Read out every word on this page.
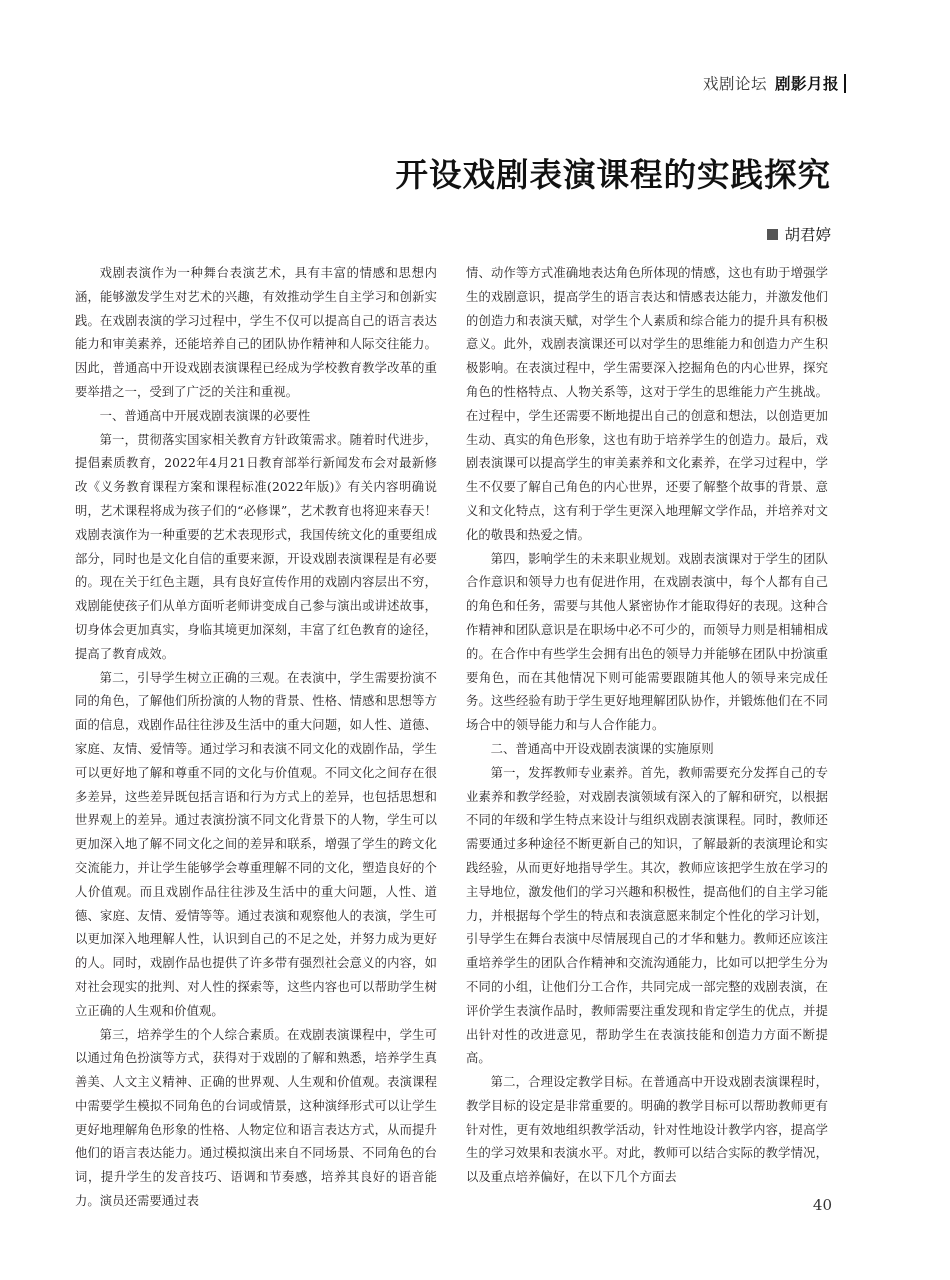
戏剧论坛 剧影月报
开设戏剧表演课程的实践探究
胡君婷

戏剧表演作为一种舞台表演艺术，具有丰富的情感和思想内涵，能够激发学生对艺术的兴趣，有效推动学生自主学习和创新实践。在戏剧表演的学习过程中，学生不仅可以提高自己的语言表达能力和审美素养，还能培养自己的团队协作精神和人际交往能力。因此，普通高中开设戏剧表演课程已经成为学校教育教学改革的重要举措之一，受到了广泛的关注和重视。

一、普通高中开展戏剧表演课的必要性

第一，贯彻落实国家相关教育方针政策需求。随着时代进步，提倡素质教育，2022年4月21日教育部举行新闻发布会对最新修改《义务教育课程方案和课程标准(2022年版)》有关内容明确说明，艺术课程将成为孩子们的“必修课”，艺术教育也将迎来春天！戏剧表演作为一种重要的艺术表现形式，我国传统文化的重要组成部分，同时也是文化自信的重要来源，开设戏剧表演课程是有必要的。现在关于红色主题，具有良好宣传作用的戏剧内容层出不穷，戏剧能使孩子们从单方面听老师讲变成自己参与演出或讲述故事，切身体会更加真实，身临其境更加深刻，丰富了红色教育的途径，提高了教育成效。

第二，引导学生树立正确的三观。在表演中，学生需要扮演不同的角色，了解他们所扮演的人物的背景、性格、情感和思想等方面的信息，戏剧作品往往涉及生活中的重大问题，如人性、道德、家庭、友情、爱情等。通过学习和表演不同文化的戏剧作品，学生可以更好地了解和尊重不同的文化与价值观。不同文化之间存在很多差异，这些差异既包括言语和行为方式上的差异，也包括思想和世界观上的差异。通过表演扮演不同文化背景下的人物，学生可以更加深入地了解不同文化之间的差异和联系，增强了学生的跨文化交流能力，并让学生能够学会尊重理解不同的文化，塑造良好的个人价值观。而且戏剧作品往往涉及生活中的重大问题，人性、道德、家庭、友情、爱情等等。通过表演和观察他人的表演，学生可以更加深入地理解人性，认识到自己的不足之处，并努力成为更好的人。同时，戏剧作品也提供了许多带有强烈社会意义的内容，如对社会现实的批判、对人性的探索等，这些内容也可以帮助学生树立正确的人生观和价值观。

第三，培养学生的个人综合素质。在戏剧表演课程中，学生可以通过角色扮演等方式，获得对于戏剧的了解和熟悉，培养学生真善美、人文主义精神、正确的世界观、人生观和价值观。表演课程中需要学生模拟不同角色的台词或情景，这种演绎形式可以让学生更好地理解角色形象的性格、人物定位和语言表达方式，从而提升他们的语言表达能力。通过模拟演出来自不同场景、不同角色的台词，提升学生的发音技巧、语调和节奏感，培养其良好的语音能力。演员还需要通过表

情、动作等方式准确地表达角色所体现的情感，这也有助于增强学生的戏剧意识，提高学生的语言表达和情感表达能力，并激发他们的创造力和表演天赋，对学生个人素质和综合能力的提升具有积极意义。此外，戏剧表演课还可以对学生的思维能力和创造力产生积极影响。在表演过程中，学生需要深入挖掘角色的内心世界，探究角色的性格特点、人物关系等，这对于学生的思维能力产生挑战。在过程中，学生还需要不断地提出自己的创意和想法，以创造更加生动、真实的角色形象，这也有助于培养学生的创造力。最后，戏剧表演课可以提高学生的审美素养和文化素养，在学习过程中，学生不仅要了解自己角色的内心世界，还要了解整个故事的背景、意义和文化特点，这有利于学生更深入地理解文学作品，并培养对文化的敬畏和热爱之情。

第四，影响学生的未来职业规划。戏剧表演课对于学生的团队合作意识和领导力也有促进作用，在戏剧表演中，每个人都有自己的角色和任务，需要与其他人紧密协作才能取得好的表现。这种合作精神和团队意识是在职场中必不可少的，而领导力则是相辅相成的。在合作中有些学生会拥有出色的领导力并能够在团队中扮演重要角色，而在其他情况下则可能需要跟随其他人的领导来完成任务。这些经验有助于学生更好地理解团队协作，并锻炼他们在不同场合中的领导能力和与人合作能力。

二、普通高中开设戏剧表演课的实施原则

第一，发挥教师专业素养。首先，教师需要充分发挥自己的专业素养和教学经验，对戏剧表演领域有深入的了解和研究，以根据不同的年级和学生特点来设计与组织戏剧表演课程。同时，教师还需要通过多种途径不断更新自己的知识，了解最新的表演理论和实践经验，从而更好地指导学生。其次，教师应该把学生放在学习的主导地位，激发他们的学习兴趣和积极性，提高他们的自主学习能力，并根据每个学生的特点和表演意愿来制定个性化的学习计划，引导学生在舞台表演中尽情展现自己的才华和魅力。教师还应该注重培养学生的团队合作精神和交流沟通能力，比如可以把学生分为不同的小组，让他们分工合作，共同完成一部完整的戏剧表演，在评价学生表演作品时，教师需要注重发现和肯定学生的优点，并提出针对性的改进意见，帮助学生在表演技能和创造力方面不断提高。

第二，合理设定教学目标。在普通高中开设戏剧表演课程时，教学目标的设定是非常重要的。明确的教学目标可以帮助教师更有针对性，更有效地组织教学活动，针对性地设计教学内容，提高学生的学习效果和表演水平。对此，教师可以结合实际的教学情况，以及重点培养偏好，在以下几个方面去

40
